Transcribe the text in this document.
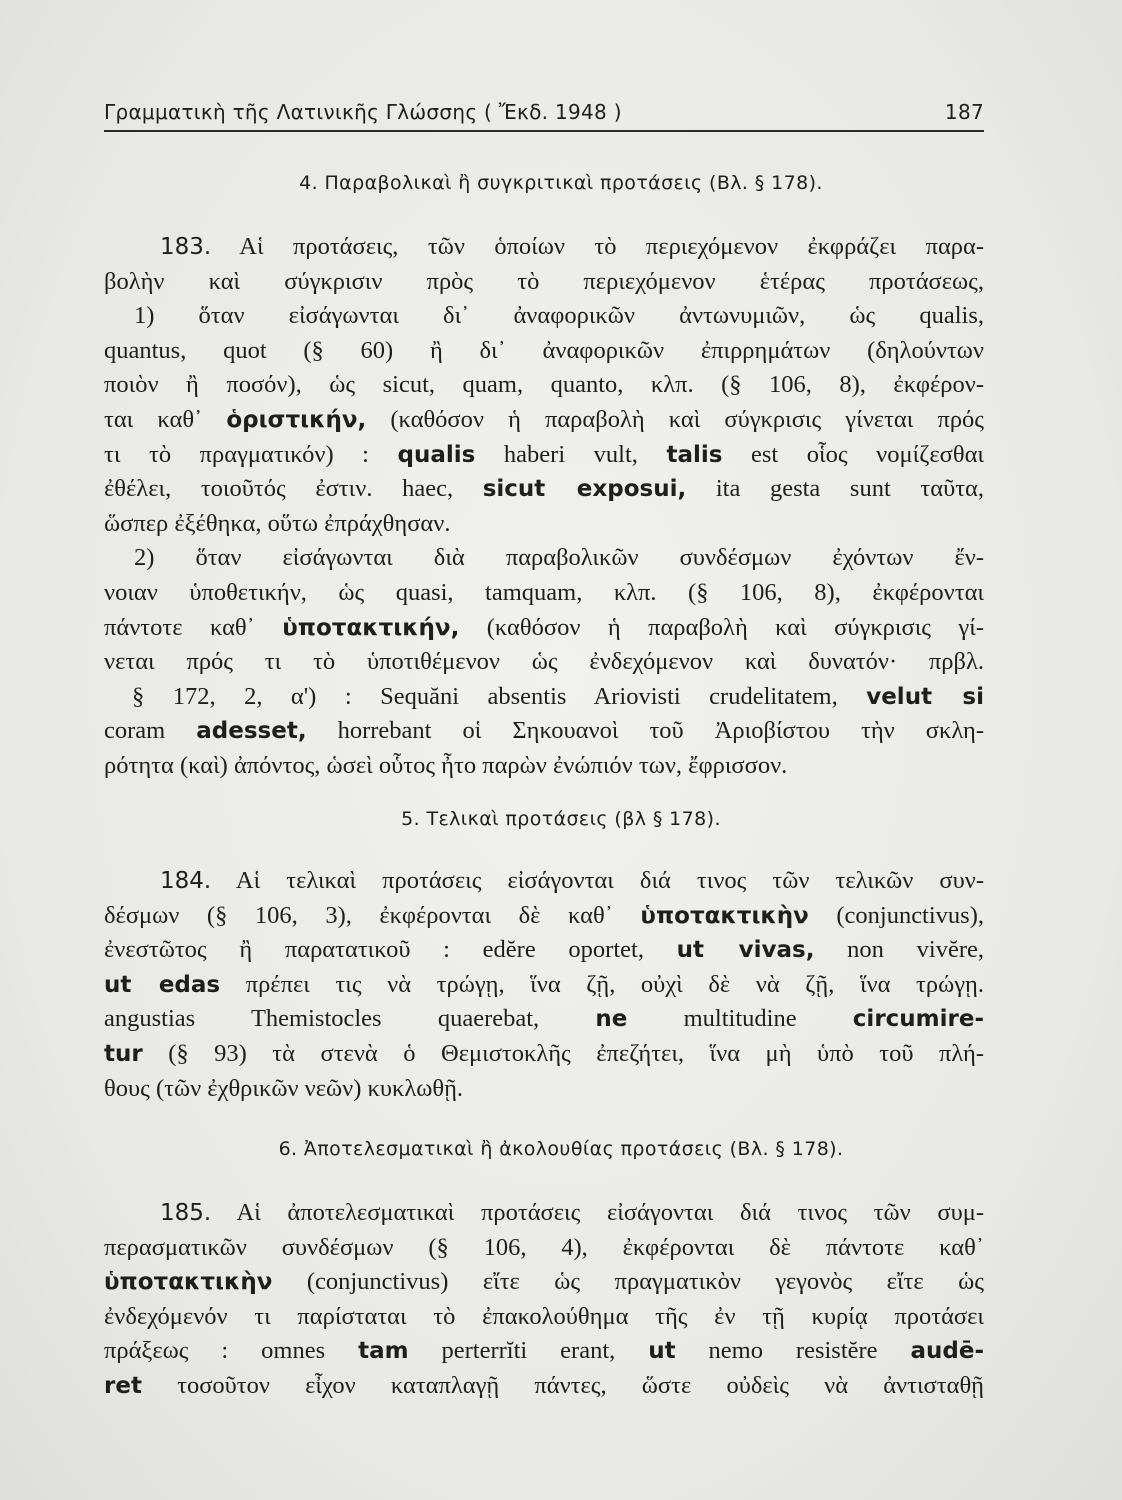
Γραμματικὴ τῆς Λατινικῆς Γλώσσης ( Ἔκδ. 1948 )	187
4. Παραβολικαὶ ἢ συγκριτικαὶ προτάσεις (Βλ. § 178).
183. Αἱ προτάσεις, τῶν ὁποίων τὸ περιεχόμενον ἐκφράζει παρα-
βολὴν καὶ σύγκρισιν πρὸς τὸ περιεχόμενον ἑτέρας προτάσεως,
1) ὅταν εἰσάγωνται δι᾽ ἀναφορικῶν ἀντωνυμιῶν, ὡς qualis,
quantus, quot (§ 60) ἢ δι᾽ ἀναφορικῶν ἐπιρρημάτων (δηλούντων
ποιὸν ἢ ποσόν), ὡς sicut, quam, quanto, κλπ. (§ 106, 8), ἐκφέρον-
ται καθ᾽ ὁριστικήν, (καθόσον ἡ παραβολὴ καὶ σύγκρισις γίνεται πρός
τι τὸ πραγματικόν) : qualis haberi vult, talis est οἷος νομίζεσθαι
ἐθέλει, τοιοῦτός ἐστιν. haec, sicut exposui, ita gesta sunt ταῦτα,
ὥσπερ ἐξέθηκα, οὕτω ἐπράχθησαν.
2) ὅταν εἰσάγωνται διὰ παραβολικῶν συνδέσμων ἐχόντων ἔν-
νοιαν ὑποθετικήν, ὡς quasi, tamquam, κλπ. (§ 106, 8), ἐκφέρονται
πάντοτε καθ᾽ ὑποτακτικήν, (καθόσον ἡ παραβολὴ καὶ σύγκρισις γί-
νεται πρός τι τὸ ὑποτιθέμενον ὡς ἐνδεχόμενον καὶ δυνατόν· πρβλ.
§ 172, 2, α') : Sequăni absentis Ariovisti crudelitatem, velut si
coram adesset, horrebant οἱ Σηκουανοὶ τοῦ Ἀριοβίστου τὴν σκλη-
ρότητα (καὶ) ἀπόντος, ὡσεὶ οὗτος ἦτο παρὼν ἐνώπιόν των, ἔφρισσον.
5. Τελικαὶ προτάσεις (βλ § 178).
184. Αἱ τελικαὶ προτάσεις εἰσάγονται διά τινος τῶν τελικῶν συν-
δέσμων (§ 106, 3), ἐκφέρονται δὲ καθ᾽ ὑποτακτικὴν (conjunctivus),
ἐνεστῶτος ἢ παρατατικοῦ : edĕre oportet, ut vivas, non vivĕre,
ut edas πρέπει τις νὰ τρώγῃ, ἵνα ζῇ, οὐχὶ δὲ νὰ ζῇ, ἵνα τρώγῃ.
angustias Themistocles quaerebat, ne multitudine circumire-
tur (§ 93) τὰ στενὰ ὁ Θεμιστοκλῆς ἐπεζήτει, ἵνα μὴ ὑπὸ τοῦ πλή-
θους (τῶν ἐχθρικῶν νεῶν) κυκλωθῇ.
6. Ἀποτελεσματικαὶ ἢ ἀκολουθίας προτάσεις (Βλ. § 178).
185. Αἱ ἀποτελεσματικαὶ προτάσεις εἰσάγονται διά τινος τῶν συμ-
περασματικῶν συνδέσμων (§ 106, 4), ἐκφέρονται δὲ πάντοτε καθ᾽
ὑποτακτικὴν (conjunctivus) εἴτε ὡς πραγματικὸν γεγονὸς εἴτε ὡς
ἐνδεχόμενόν τι παρίσταται τὸ ἐπακολούθημα τῆς ἐν τῇ κυρίᾳ προτάσει
πράξεως : omnes tam perterrĭti erant, ut nemo resistĕre audē-
ret τοσοῦτον εἶχον καταπλαγῇ πάντες, ὥστε οὐδεὶς νὰ ἀντισταθῇ
